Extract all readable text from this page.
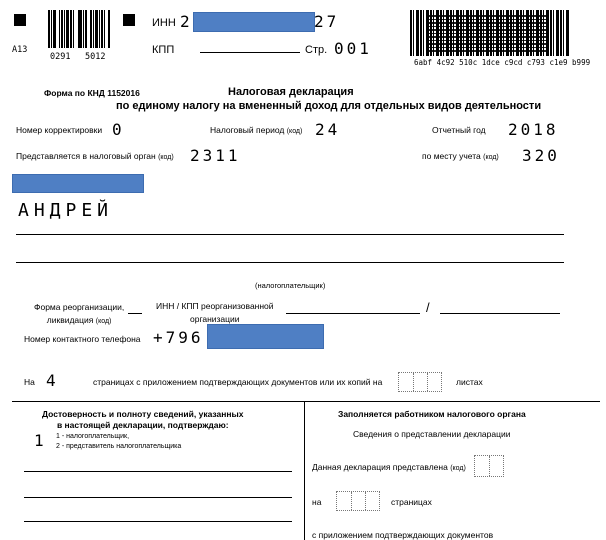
A13
0291 5012
ИНН 2	27
КПП	Стр. 001
6abf 4c92 510c 1dce c9cd c793 c1e9 b999
Форма по КНД 1152016	Налоговая декларация
по единому налогу на вмененный доход для отдельных видов деятельности
Номер корректировки 0	Налоговый период (код) 24	Отчетный год 2018
Представляется в налоговый орган (код) 2311	по месту учета (код) 320
АНДРЕЙ
(налогоплательщик)
Форма реорганизации,
ликвидация (код)
ИНН / КПП реорганизованной
организации
/
Номер контактного телефона +796
На 4	страницах с приложением подтверждающих документов или их копий на	листах
Достоверность и полноту сведений, указанных
в настоящей декларации, подтверждаю:
1 1 - налогоплательщик,
2 - представитель налогоплательщика
Заполняется работником налогового органа
Сведения о представлении декларации
Данная декларация представлена (код)
на	страницах
с приложением подтверждающих документов
